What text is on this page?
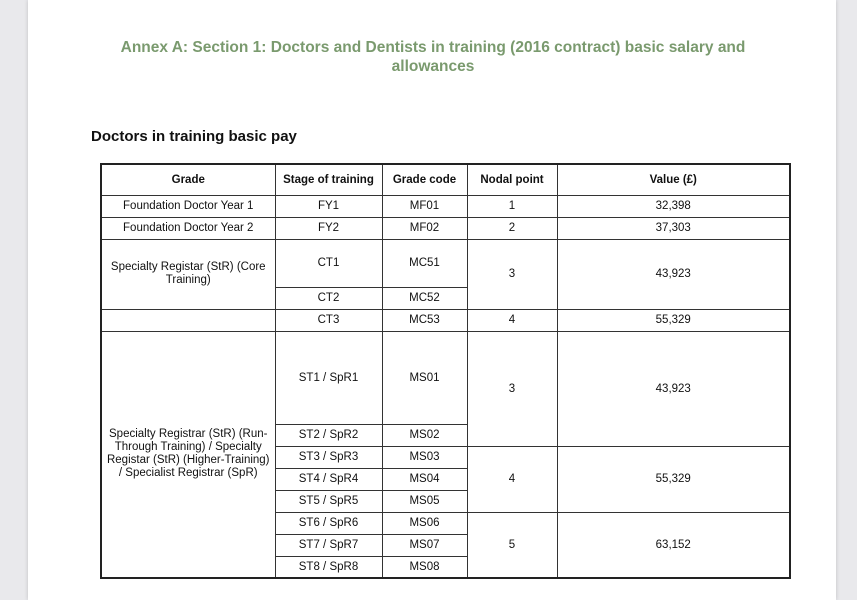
Annex A: Section 1: Doctors and Dentists in training (2016 contract) basic salary and allowances
Doctors in training basic pay
Grade	Stage of training	Grade code	Nodal point	Value (£)
Foundation Doctor Year 1	FY1	MF01	1	32,398
Foundation Doctor Year 2	FY2	MF02	2	37,303
Specialty Registar (StR) (Core Training)	CT1	MC51	3	43,923
	CT2	MC52		
	CT3	MC53	4	55,329
Specialty Registrar (StR) (Run-Through Training) / Specialty Registar (StR) (Higher-Training) / Specialist Registrar (SpR)	ST1 / SpR1	MS01	3	43,923
	ST2 / SpR2	MS02		
	ST3 / SpR3	MS03	4	55,329
	ST4 / SpR4	MS04		
	ST5 / SpR5	MS05		
	ST6 / SpR6	MS06	5	63,152
	ST7 / SpR7	MS07		
	ST8 / SpR8	MS08		
